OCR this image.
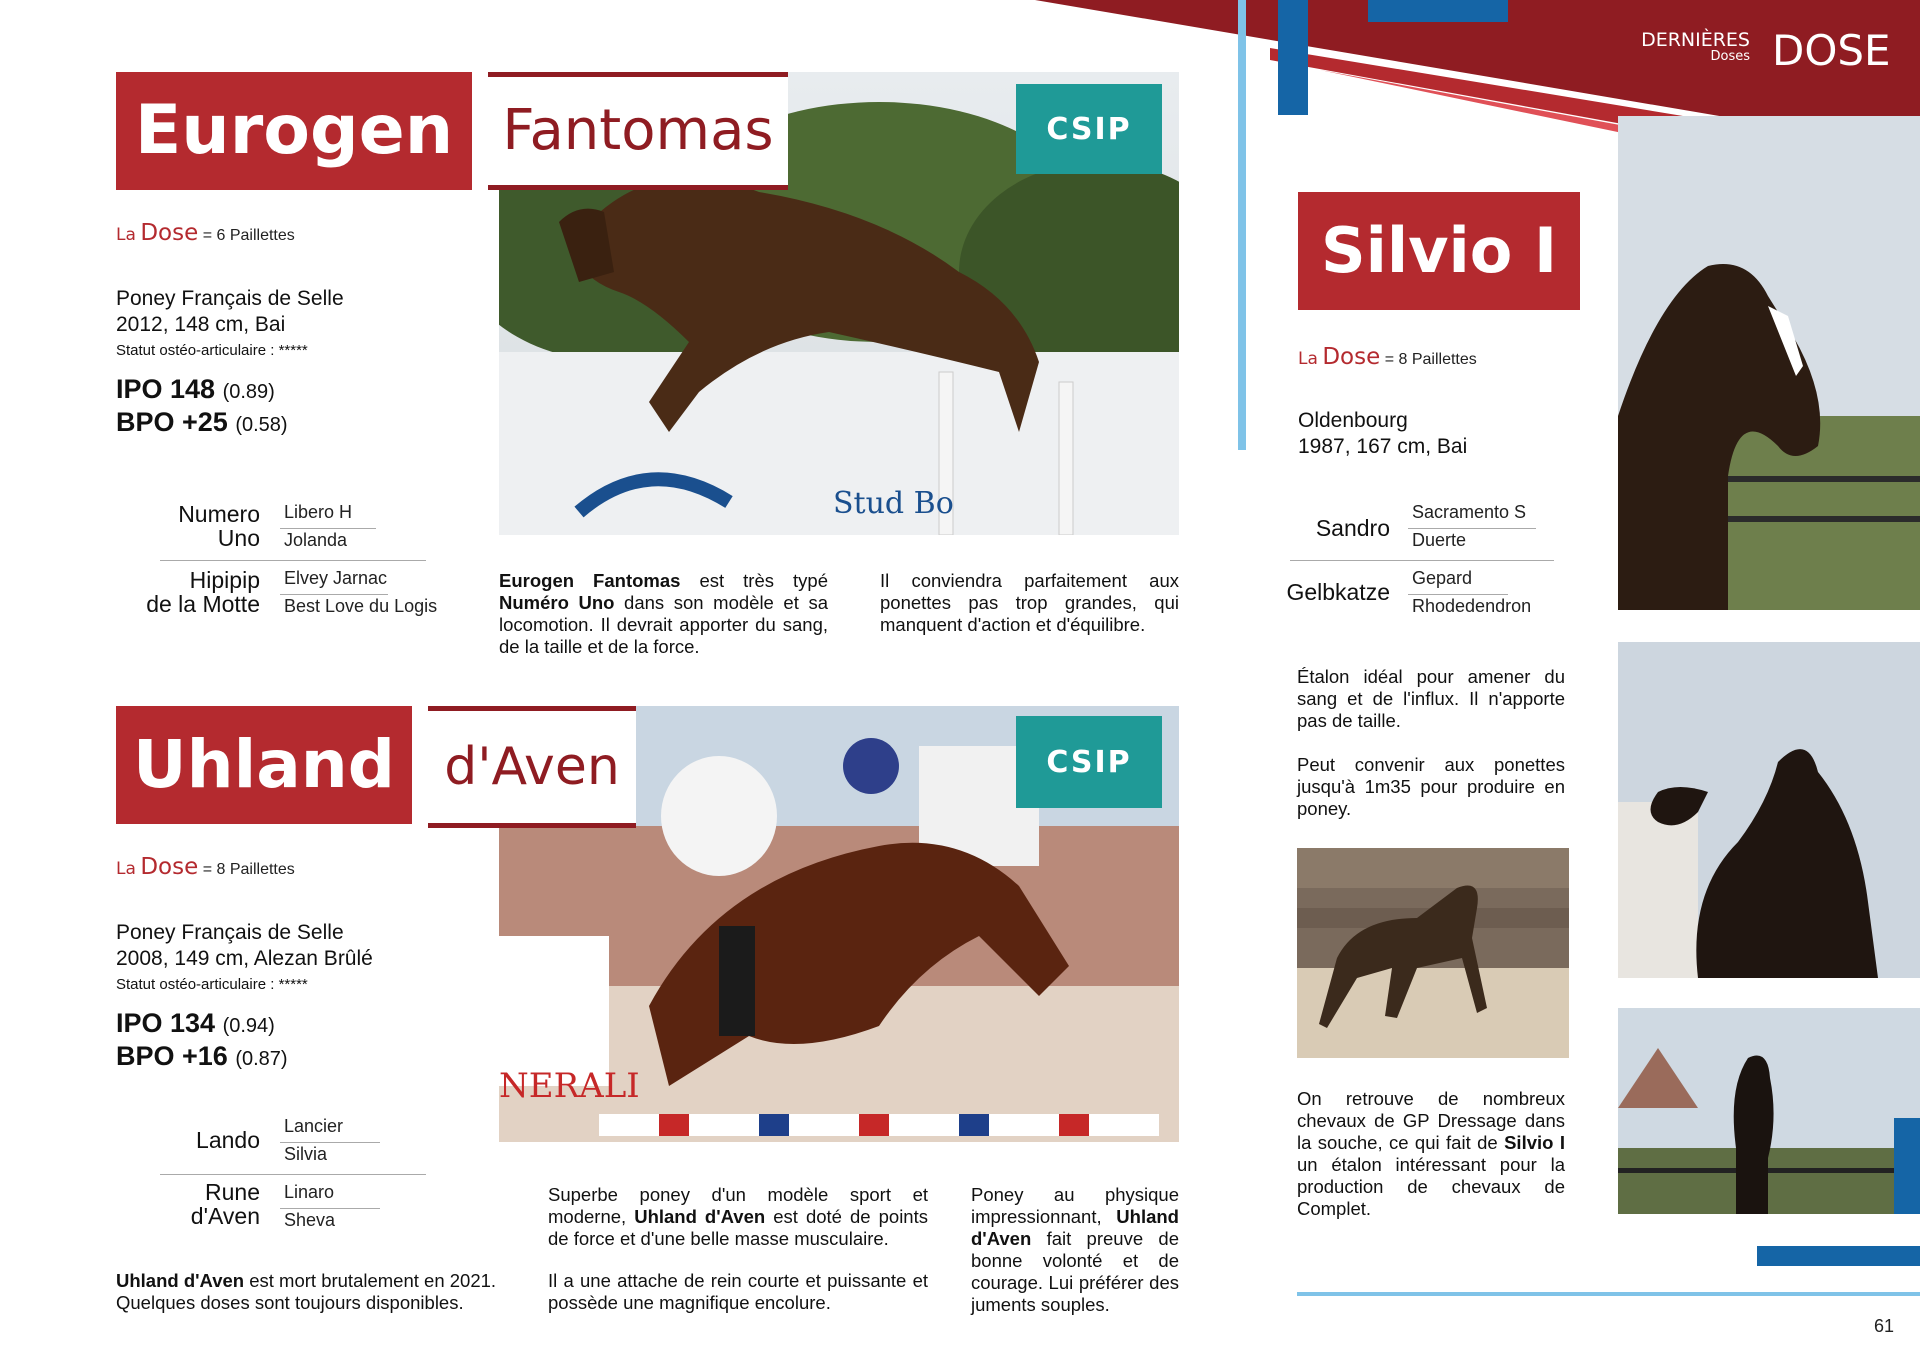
DERNIÈRES
Doses DOSE
Stud Bo
Eurogen Fantomas	CSIP
La Dose = 6 Paillettes
Poney Français de Selle
2012, 148 cm, Bai
Statut ostéo-articulaire : *****
IPO 148 (0.89)
BPO +25 (0.58)
Numero
Uno
Libero H
Jolanda
Hipipip
de la Motte
Elvey Jarnac
Best Love du Logis
Eurogen Fantomas est très typé Numéro Uno dans son modèle et sa locomotion. Il devrait apporter du sang, de la taille et de la force.
Il conviendra parfaitement aux ponettes pas trop grandes, qui manquent d'action et d'équilibre.
NERALI
Uhland d'Aven	CSIP
La Dose = 8 Paillettes
Poney Français de Selle
2008, 149 cm, Alezan Brûlé
Statut ostéo-articulaire : *****
IPO 134 (0.94)
BPO +16 (0.87)
Lando
Lancier
Silvia
Rune
d'Aven
Linaro
Sheva
Uhland d'Aven est mort brutalement en 2021. Quelques doses sont toujours disponibles.
Superbe poney d'un modèle sport et moderne, Uhland d'Aven est doté de points de force et d'une belle masse musculaire.
Il a une attache de rein courte et puissante et possède une magnifique encolure.
Poney au physique impressionnant, Uhland d'Aven fait preuve de bonne volonté et de courage. Lui préférer des juments souples.
Silvio I
La Dose = 8 Paillettes
Oldenbourg
1987, 167 cm, Bai
Sandro
Sacramento S
Duerte
Gelbkatze
Gepard
Rhodedendron
Étalon idéal pour amener du sang et de l'influx. Il n'apporte pas de taille.
Peut convenir aux ponettes jusqu'à 1m35 pour produire en poney.
On retrouve de nombreux chevaux de GP Dressage dans la souche, ce qui fait de Silvio I un étalon intéressant pour la production de chevaux de Complet.
61
